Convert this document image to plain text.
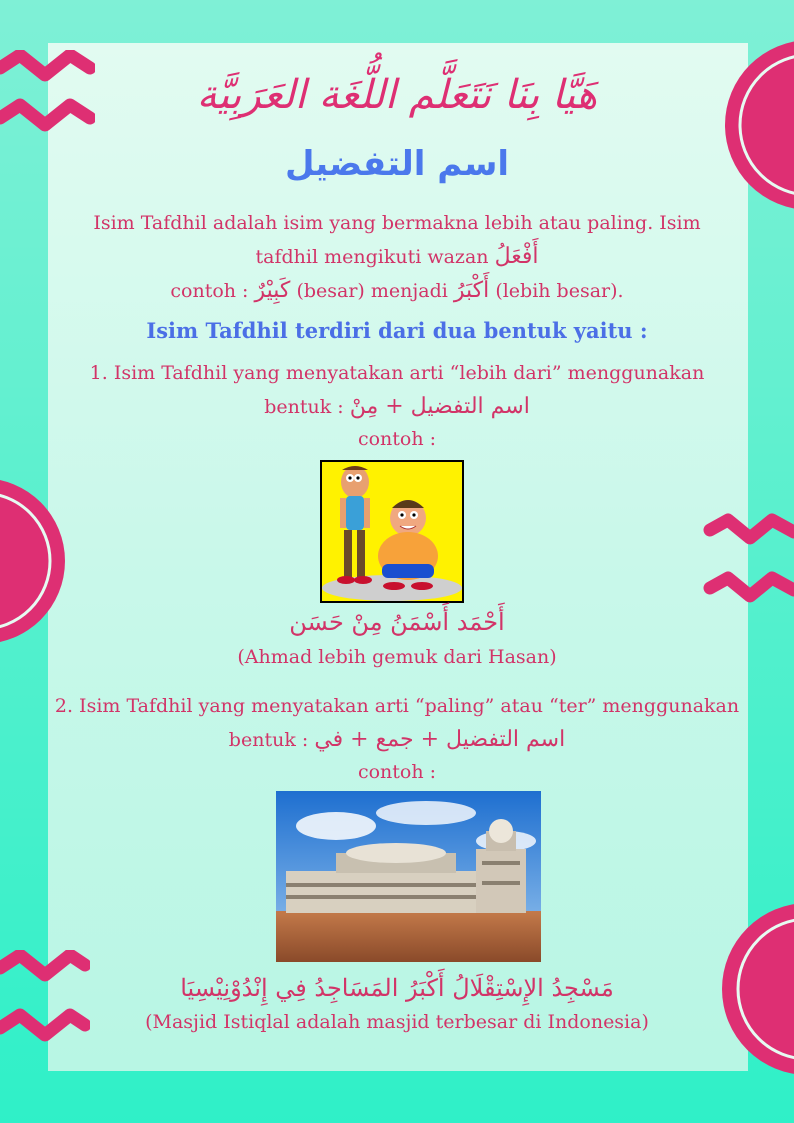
هَيَّا بِنَا نَتَعَلَّم اللُّغَة العَرَبِيَّة
اسم التفضيل
Isim Tafdhil adalah isim yang bermakna lebih atau paling. Isim
tafdhil mengikuti wazan أَفْعَلُ
contoh : كَبِيْرٌ (besar) menjadi أَكْبَرُ (lebih besar).
Isim Tafdhil terdiri dari dua bentuk yaitu :
1. Isim Tafdhil yang menyatakan arti “lebih dari” menggunakan
bentuk : اسم التفضيل + مِنْ
contoh :
أَحْمَد أَسْمَنُ مِنْ حَسَن
(Ahmad lebih gemuk dari Hasan)
2. Isim Tafdhil yang menyatakan arti “paling” atau “ter” menggunakan
bentuk : اسم التفضيل + جمع + في
contoh :
مَسْجِدُ الإِسْتِقْلَالُ أَكْبَرُ المَسَاجِدُ فِي إِنْدُوْنِيْسِيَا
(Masjid Istiqlal adalah masjid terbesar di Indonesia)
